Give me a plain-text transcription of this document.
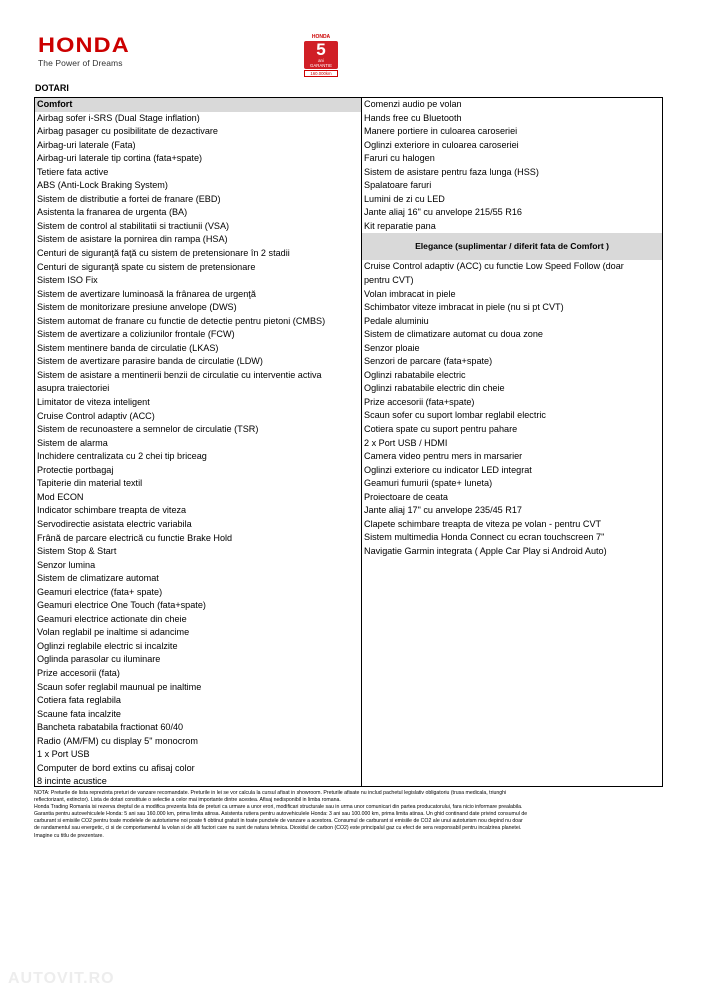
HONDA
The Power of Dreams
HONDA
5
ani
GARANTIE
160.000km
DOTARI
Comfort
Airbag sofer i-SRS (Dual Stage inflation)
Airbag pasager cu posibilitate de dezactivare
Airbag-uri laterale (Fata)
Airbag-uri laterale tip cortina (fata+spate)
Tetiere fata active
ABS (Anti-Lock Braking System)
Sistem de distributie a fortei de franare (EBD)
Asistenta la franarea de urgenta (BA)
Sistem de control al stabilitatii si tractiunii (VSA)
Sistem de asistare la pornirea din rampa (HSA)
Centuri de siguranţă faţă cu sistem de pretensionare în 2 stadii
Centuri de siguranţă spate cu sistem de pretensionare
Sistem ISO Fix
Sistem de avertizare luminoasă la frânarea de urgenţă
Sistem de monitorizare presiune anvelope (DWS)
Sistem automat de franare cu functie de detectie pentru pietoni (CMBS)
Sistem de avertizare a coliziunilor frontale (FCW)
Sistem mentinere banda de circulatie (LKAS)
Sistem de avertizare parasire banda de circulatie (LDW)
Sistem de asistare a mentinerii benzii de circulatie cu interventie activa
asupra traiectoriei
Limitator de viteza inteligent
Cruise Control adaptiv (ACC)
Sistem de recunoastere a semnelor de circulatie (TSR)
Sistem de alarma
Inchidere centralizata cu 2 chei tip briceag
Protectie portbagaj
Tapiterie din material textil
Mod ECON
Indicator schimbare treapta de viteza
Servodirectie asistata electric variabila
Frână de parcare electrică cu functie Brake Hold
Sistem Stop & Start
Senzor lumina
Sistem de climatizare automat
Geamuri electrice (fata+ spate)
Geamuri electrice One Touch (fata+spate)
Geamuri electrice actionate din cheie
Volan reglabil pe inaltime si adancime
Oglinzi reglabile electric si incalzite
Oglinda parasolar cu iluminare
Prize accesorii (fata)
Scaun sofer reglabil maunual pe inaltime
Cotiera fata reglabila
Scaune fata incalzite
Bancheta rabatabila fractionat 60/40
Radio (AM/FM) cu display 5" monocrom
1 x Port USB
Computer de bord extins cu afisaj color
8 incinte acustice
Comenzi audio pe volan
Hands free cu Bluetooth
Manere portiere in culoarea caroseriei
Oglinzi exteriore in culoarea caroseriei
Faruri cu halogen
Sistem de asistare pentru faza lunga (HSS)
Spalatoare faruri
Lumini de zi cu LED
Jante aliaj 16" cu anvelope 215/55 R16
Kit reparatie pana
Elegance (suplimentar / diferit fata de Comfort )
Cruise Control adaptiv (ACC) cu functie Low Speed Follow (doar
pentru CVT)
Volan imbracat in piele
Schimbator viteze imbracat in piele (nu si pt CVT)
Pedale aluminiu
Sistem de climatizare automat cu doua zone
Senzor ploaie
Senzori de parcare (fata+spate)
Oglinzi rabatabile electric
Oglinzi rabatabile electric din cheie
Prize accesorii (fata+spate)
Scaun sofer cu suport lombar reglabil electric
Cotiera spate cu suport pentru pahare
2 x Port USB / HDMI
Camera video pentru mers in marsarier
Oglinzi exteriore cu indicator LED integrat
Geamuri fumurii (spate+ luneta)
Proiectoare de ceata
Jante aliaj 17" cu anvelope 235/45 R17
Clapete schimbare treapta de viteza pe volan - pentru CVT
Sistem multimedia Honda Connect cu ecran touchscreen 7"
Navigatie Garmin integrata ( Apple Car Play si Android Auto)
NOTA: Preturile de lista reprezinta preturi de vanzare recomandate. Preturile in lei se vor calcula la cursul afisat in showroom. Preturile afisate nu includ pachetul legislativ obligatoriu (trusa medicala, triunghi
reflectorizant, extinctor). Lista de dotari constituie o selectie a celor mai importante dintre acestea. Afisaj nedisponibil in limba romana.
Honda Trading Romania isi rezerva dreptul de a modifica prezenta lista de preturi ca urmare a unor erori, modificari structurale sau in urma unor comunicari din partea producatorului, fara nicio informare prealabila.
Garantia pentru autovehiculele Honda: 5 ani sau 160.000 km, prima limita atinsa. Asistenta rutiera pentru autovehiculele Honda: 3 ani sau 100.000 km, prima limita atinsa. Un ghid continand date privind consumul de
carburant si emisiile CO2 pentru toate modelele de autoturisme noi poate fi obtinut gratuit in toate punctele de vanzare a acestora. Consumul de carburant si emisiile de CO2 ale unui autoturism nou depind nu doar
de randamentul sau energetic, ci si de comportamentul la volan si de alti factori care nu sunt de natura tehnica. Dioxidul de carbon (CO2) este principalul gaz cu efect de sera responsabil pentru incalzirea planetei.
Imagine cu titlu de prezentare.
AUTOVIT.RO
